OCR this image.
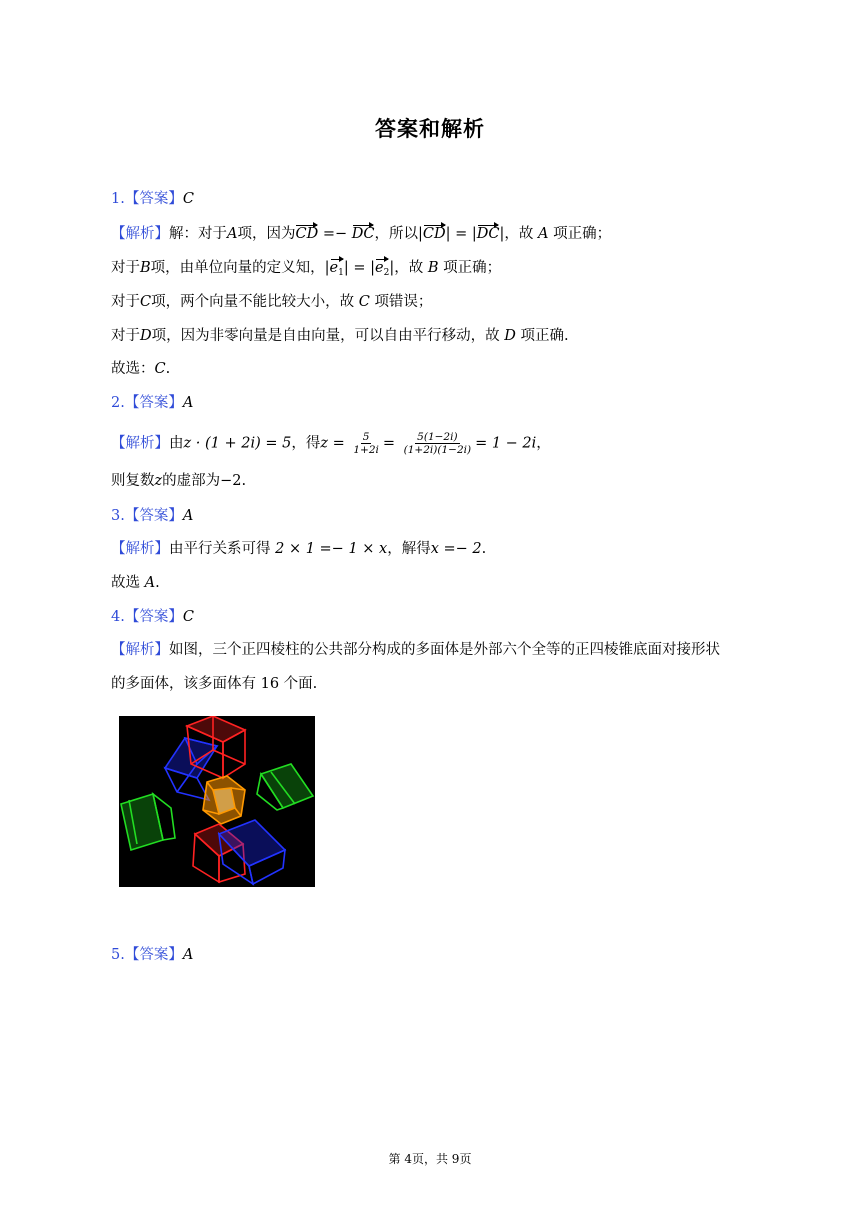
答案和解析
1.【答案】C
【解析】解：对于A项，因为CD =− DC，所以|CD| = |DC|，故 A 项正确；
对于B项，由单位向量的定义知，$|e_1| = |e_2|$，故 B 项正确；
对于C项，两个向量不能比较大小，故 C 项错误；
对于D项，因为非零向量是自由向量，可以自由平行移动，故 D 项正确.
故选：C.
2.【答案】A
【解析】由z · (1 + 2i) = 5，得$z = \frac{5}{1+2i} = \frac{5(1-2i)}{(1+2i)(1-2i)} = 1 - 2i$，
则复数z的虚部为−2.
3.【答案】A
【解析】由平行关系可得 2 × 1 =− 1 × x，解得x =− 2.
故选 A.
4.【答案】C
【解析】如图，三个正四棱柱的公共部分构成的多面体是外部六个全等的正四棱锥底面对接形状
的多面体，该多面体有 16 个面.
5.【答案】A
第 4页，共 9页
